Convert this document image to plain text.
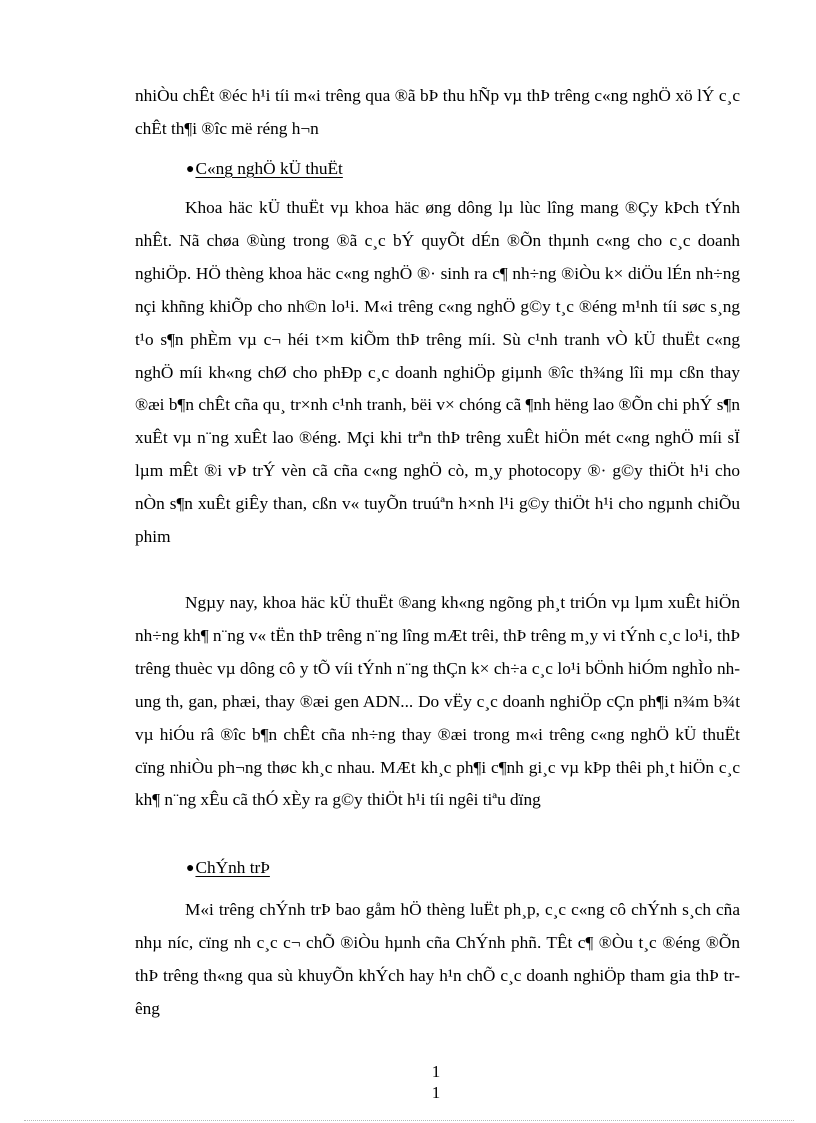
nhiÒu chÊt ®éc h¹i tíi m«i trêng qua ®ã bÞ thu hÑp vµ thÞ trêng c«ng nghÖ xö lÝ c¸c chÊt th¶i ®îc më réng h¬n

●C«ng nghÖ kÜ thuËt

Khoa häc kÜ thuËt vµ khoa häc øng dông lµ lùc lîng mang ®Çy kÞch tÝnh nhÊt. Nã chøa ®ùng trong ®ã c¸c bÝ quyÕt dÉn ®Õn thµnh c«ng cho c¸c doanh nghiÖp. HÖ thèng khoa häc c«ng nghÖ ®· sinh ra c¶ nh÷ng ®iÒu k× diÖu lÉn nh÷ng nçi khñng khiÕp cho nh©n lo¹i. M«i trêng c«ng nghÖ g©y t¸c ®éng m¹nh tíi søc s¸ng t¹o s¶n phÈm vµ c¬ héi t×m kiÕm thÞ trêng míi. Sù c¹nh tranh vÒ kÜ thuËt c«ng nghÖ míi kh«ng chØ cho phÐp c¸c doanh nghiÖp giµnh ®îc th¾ng lîi mµ cßn thay ®æi b¶n chÊt cña qu¸ tr×nh c¹nh tranh, bëi v× chóng cã ¶nh hëng lao ®Õn chi phÝ s¶n xuÊt vµ n¨ng xuÊt lao ®éng. Mçi khi trªn thÞ trêng xuÊt hiÖn mét c«ng nghÖ míi sÏ lµm mÊt ®i vÞ trÝ vèn cã cña c«ng nghÖ cò, m¸y photocopy ®· g©y thiÖt h¹i cho nÒn s¶n xuÊt giÊy than, cßn v« tuyÕn truúªn h×nh l¹i g©y thiÖt h¹i cho ngµnh chiÕu phim

Ngµy nay, khoa häc kÜ thuËt ®ang kh«ng ngõng ph¸t triÓn vµ lµm xuÊt hiÖn nh÷ng kh¶ n¨ng v« tËn thÞ trêng n¨ng lîng mÆt trêi, thÞ trêng m¸y vi tÝnh c¸c lo¹i, thÞ trêng thuèc vµ dông cô y tÕ víi tÝnh n¨ng thÇn k× ch÷a c¸c lo¹i bÖnh hiÓm nghÌo nh ung th, gan, phæi, thay ®æi gen ADN... Do vËy c¸c doanh nghiÖp cÇn ph¶i n¾m b¾t vµ hiÓu râ ®îc b¶n chÊt cña nh÷ng thay ®æi trong m«i trêng c«ng nghÖ kÜ thuËt cïng nhiÒu ph¬ng thøc kh¸c nhau. MÆt kh¸c ph¶i c¶nh gi¸c vµ kÞp thêi ph¸t hiÖn c¸c kh¶ n¨ng xÊu cã thÓ xÈy ra g©y thiÖt h¹i tíi ngêi tiªu dïng

●ChÝnh trÞ

M«i trêng chÝnh trÞ bao gåm hÖ thèng luËt ph¸p, c¸c c«ng cô chÝnh s¸ch cña nhµ níc, cïng nh c¸c c¬ chÕ ®iÒu hµnh cña ChÝnh phñ. TÊt c¶ ®Òu t¸c ®éng ®Õn thÞ trêng th«ng qua sù khuyÕn khÝch hay h¹n chÕ c¸c doanh nghiÖp tham gia thÞ trêng

1

1
